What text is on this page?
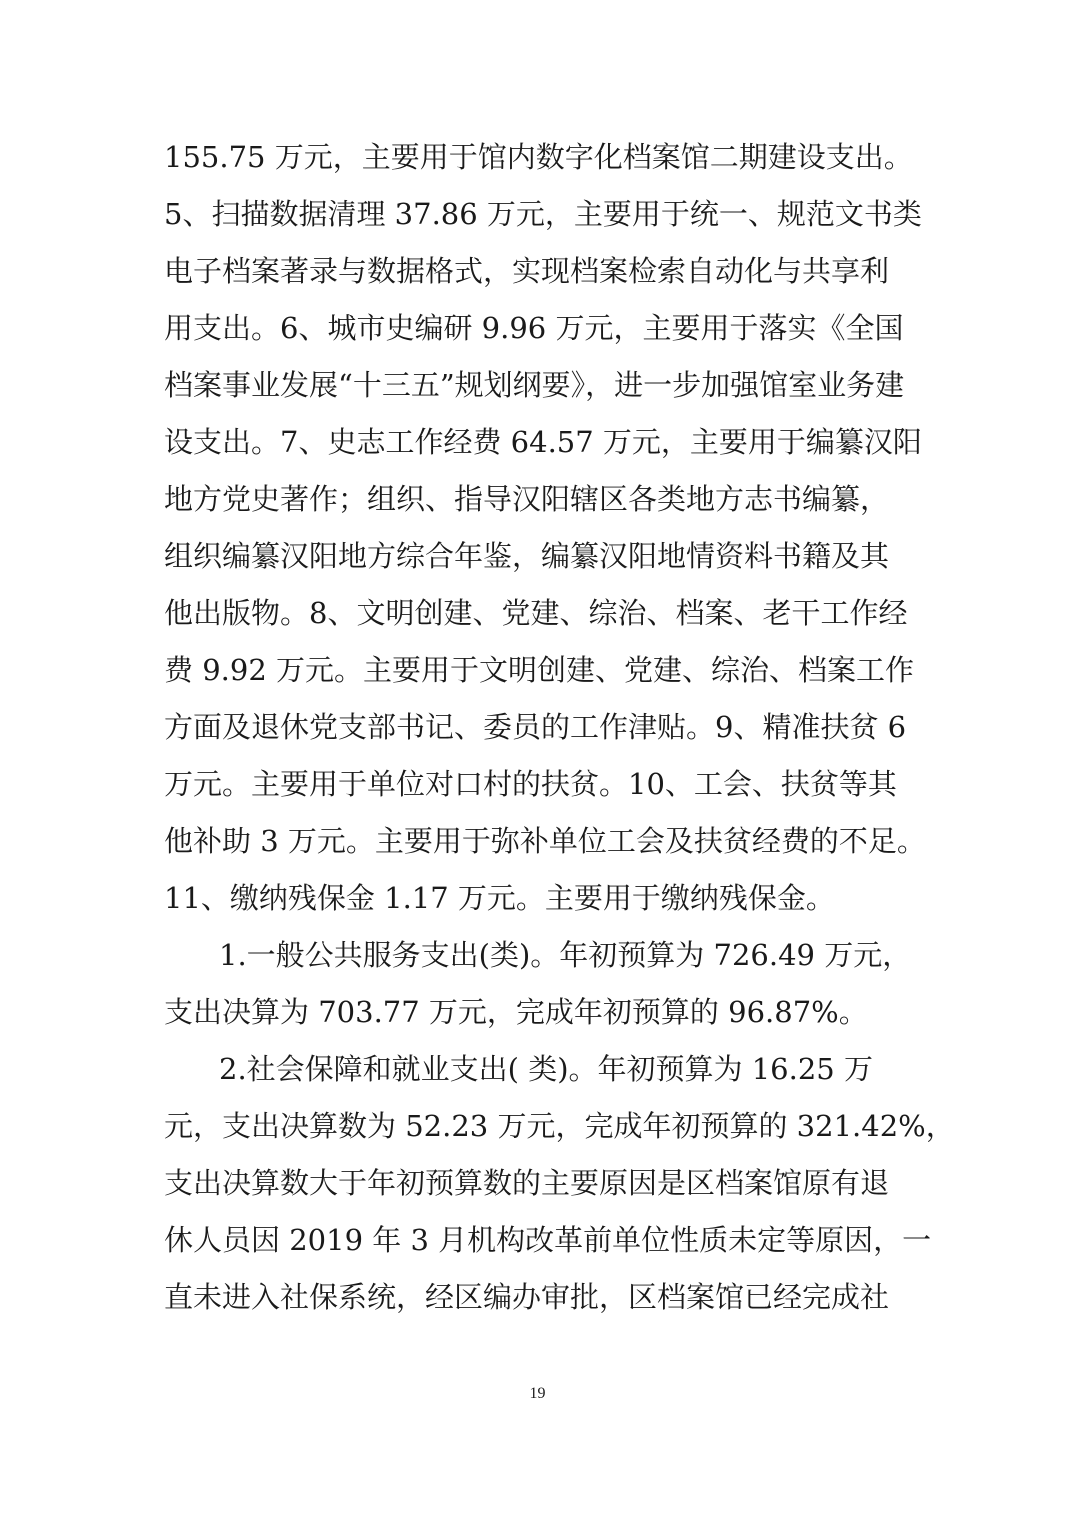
155.75 万元，主要用于馆内数字化档案馆二期建设支出。
5、扫描数据清理 37.86 万元，主要用于统一、规范文书类
电子档案著录与数据格式，实现档案检索自动化与共享利
用支出。6、城市史编研 9.96 万元，主要用于落实《全国
档案事业发展“十三五”规划纲要》，进一步加强馆室业务建
设支出。7、史志工作经费 64.57 万元，主要用于编纂汉阳
地方党史著作；组织、指导汉阳辖区各类地方志书编纂，
组织编纂汉阳地方综合年鉴，编纂汉阳地情资料书籍及其
他出版物。8、文明创建、党建、综治、档案、老干工作经
费 9.92 万元。主要用于文明创建、党建、综治、档案工作
方面及退休党支部书记、委员的工作津贴。9、精准扶贫 6
万元。主要用于单位对口村的扶贫。10、工会、扶贫等其
他补助 3 万元。主要用于弥补单位工会及扶贫经费的不足。
11、缴纳残保金 1.17 万元。主要用于缴纳残保金。
1.一般公共服务支出(类)。年初预算为 726.49 万元，
支出决算为 703.77 万元，完成年初预算的 96.87%。
2.社会保障和就业支出( 类)。年初预算为 16.25 万
元，支出决算数为 52.23 万元，完成年初预算的 321.42%，
支出决算数大于年初预算数的主要原因是区档案馆原有退
休人员因 2019 年 3 月机构改革前单位性质未定等原因，一
直未进入社保系统，经区编办审批，区档案馆已经完成社
19
